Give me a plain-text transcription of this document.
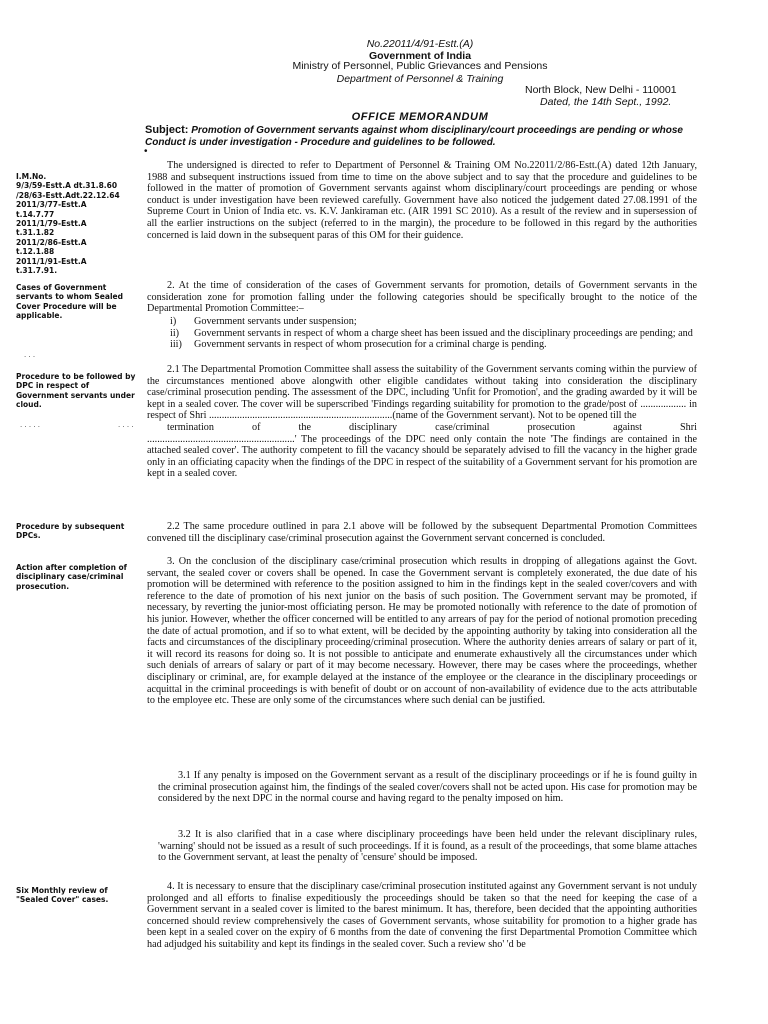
No.22011/4/91-Estt.(A)
Government of India
Ministry of Personnel, Public Grievances and Pensions
Department of Personnel & Training
North Block, New Delhi - 110001
Dated, the 14th Sept., 1992.
OFFICE MEMORANDUM
Subject: Promotion of Government servants against whom disciplinary/court proceedings are pending or whose Conduct is under investigation - Procedure and guidelines to be followed.
•
I.M.No.
9/3/59-Estt.A dt.31.8.60
/28/63-Estt.Adt.22.12.64
2011/3/77-Estt.A
t.14.7.77
2011/1/79-Estt.A
t.31.1.82
2011/2/86-Estt.A
t.12.1.88
2011/1/91-Estt.A
t.31.7.91.
Cases of Government servants to whom Sealed Cover Procedure will be applicable.
. . .
Procedure to be followed by DPC in respect of Government servants under cloud.
. . . . .	. . . .
Procedure by subsequent DPCs.
Action after completion of disciplinary case/criminal prosecution.
Six Monthly review of "Sealed Cover" cases.
The undersigned is directed to refer to Department of Personnel & Training OM No.22011/2/86-Estt.(A) dated 12th January, 1988 and subsequent instructions issued from time to time on the above subject and to say that the procedure and guidelines to be followed in the matter of promotion of Government servants against whom disciplinary/court proceedings are pending or whose conduct is under investigation have been reviewed carefully. Government have also noticed the judgement dated 27.08.1991 of the Supreme Court in Union of India etc. vs. K.V. Jankiraman etc. (AIR 1991 SC 2010). As a result of the review and in supersession of all the earlier instructions on the subject (referred to in the margin), the procedure to be followed in this regard by the authorities concerned is laid down in the subsequent paras of this OM for their guidence.
2. At the time of consideration of the cases of Government servants for promotion, details of Government servants in the consideration zone for promotion falling under the following categories should be specifically brought to the notice of the Departmental Promotion Committee:–
i) Government servants under suspension;
ii) Government servants in respect of whom a charge sheet has been issued and the disciplinary proceedings are pending; and
iii) Government servants in respect of whom prosecution for a criminal charge is pending.
2.1 The Departmental Promotion Committee shall assess the suitability of the Government servants coming within the purview of the circumstances mentioned above alongwith other eligible candidates without taking into consideration the disciplinary case/criminal prosecution pending. The assessment of the DPC, including 'Unfit for Promotion', and the grading awarded by it will be kept in a sealed cover. The cover will be superscribed 'Findings regarding suitability for promotion to the grade/post of .................. in respect of Shri ........................................................................(name of the Government servant). Not to be opened till the
termination of the disciplinary case/criminal prosecution against Shri
..........................................................' The proceedings of the DPC need only contain the note 'The findings are contained in the attached sealed cover'. The authority competent to fill the vacancy should be separately advised to fill the vacancy in the higher grade only in an officiating capacity when the findings of the DPC in respect of the suitability of a Government servant for his promotion are kept in a sealed cover.
2.2 The same procedure outlined in para 2.1 above will be followed by the subsequent Departmental Promotion Committees convened till the disciplinary case/criminal prosecution against the Government servant concerned is concluded.
3. On the conclusion of the disciplinary case/criminal prosecution which results in dropping of allegations against the Govt. servant, the sealed cover or covers shall be opened. In case the Government servant is completely exonerated, the due date of his promotion will be determined with reference to the position assigned to him in the findings kept in the sealed cover/covers and with reference to the date of promotion of his next junior on the basis of such position. The Government servant may be promoted, if necessary, by reverting the junior-most officiating person. He may be promoted notionally with reference to the date of promotion of his junior. However, whether the officer concerned will be entitled to any arrears of pay for the period of notional promotion preceding the date of actual promotion, and if so to what extent, will be decided by the appointing authority by taking into consideration all the facts and circumstances of the disciplinary proceeding/criminal prosecution. Where the authority denies arrears of salary or part of it, it will record its reasons for doing so. It is not possible to anticipate and enumerate exhaustively all the circumstances under which such denials of arrears of salary or part of it may become necessary. However, there may be cases where the proceedings, whether disciplinary or criminal, are, for example delayed at the instance of the employee or the clearance in the disciplinary proceedings or acquittal in the criminal proceedings is with benefit of doubt or on account of non-availability of evidence due to the acts attributable to the employee etc. These are only some of the circumstances where such denial can be justified.
3.1 If any penalty is imposed on the Government servant as a result of the disciplinary proceedings or if he is found guilty in the criminal prosecution against him, the findings of the sealed cover/covers shall not be acted upon. His case for promotion may be considered by the next DPC in the normal course and having regard to the penalty imposed on him.
3.2 It is also clarified that in a case where disciplinary proceedings have been held under the relevant disciplinary rules, 'warning' should not be issued as a result of such proceedings. If it is found, as a result of the proceedings, that some blame attaches to the Government servant, at least the penalty of 'censure' should be imposed.
4. It is necessary to ensure that the disciplinary case/criminal prosecution instituted against any Government servant is not unduly prolonged and all efforts to finalise expeditiously the proceedings should be taken so that the need for keeping the case of a Government servant in a sealed cover is limited to the barest minimum. It has, therefore, been decided that the appointing authorities concerned should review comprehensively the cases of Government servants, whose suitability for promotion to a higher grade has been kept in a sealed cover on the expiry of 6 months from the date of convening the first Departmental Promotion Committee which had adjudged his suitability and kept its findings in the sealed cover. Such a review sho' 'd be
